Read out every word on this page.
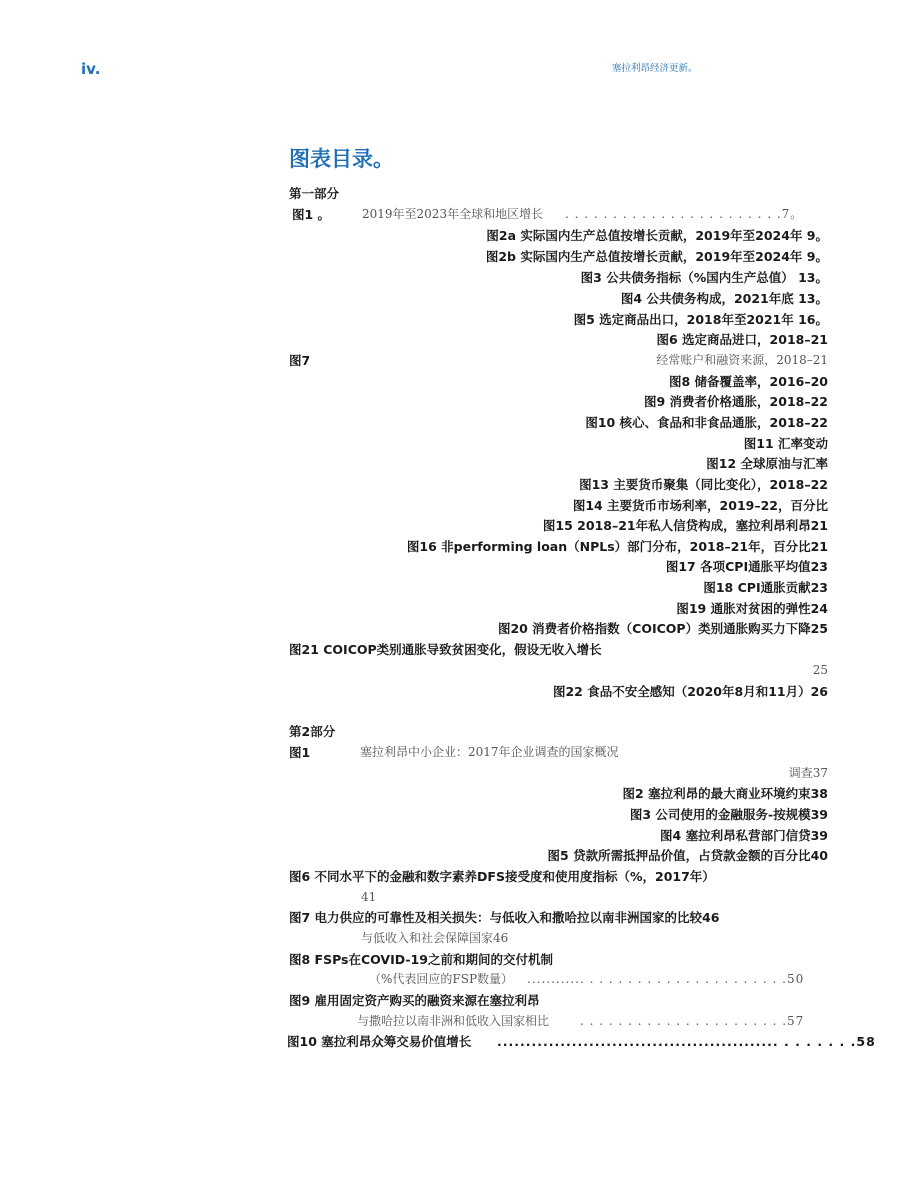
iv.	塞拉利昂经济更新。
图表目录。
第一部分
图1 。	2019年至2023年全球和地区增长 . . . . . . . . . . . . . . . . . . . . . . .7。
图2a 实际国内生产总值按增长贡献，2019年至2024年 9。
图2b 实际国内生产总值按增长贡献，2019年至2024年 9。
图3 公共债务指标（%国内生产总值） 13。
图4 公共债务构成，2021年底 13。
图5 选定商品出口，2018年至2021年 16。
图6 选定商品进口，2018–21
图7	经常账户和融资来源，2018–21
图8 储备覆盖率，2016–20
图9 消费者价格通胀，2018–22
图10 核心、食品和非食品通胀，2018–22
图11 汇率变动
图12 全球原油与汇率
图13 主要货币聚集（同比变化），2018–22
图14 主要货币市场利率，2019–22，百分比
图15 2018–21年私人信贷构成，塞拉利昂利昂21
图16 非performing loan（NPLs）部门分布，2018–21年，百分比21
图17 各项CPI通胀平均值23
图18 CPI通胀贡献23
图19 通胀对贫困的弹性24
图20 消费者价格指数（COICOP）类别通胀购买力下降25
图21 COICOP类别通胀导致贫困变化，假设无收入增长
25
图22 食品不安全感知（2020年8月和11月）26
第2部分
图1	塞拉利昂中小企业：2017年企业调查的国家概况
调查37
图2 塞拉利昂的最大商业环境约束38
图3 公司使用的金融服务-按规模39
图4 塞拉利昂私营部门信贷39
图5 贷款所需抵押品价值，占贷款金额的百分比40
图6 不同水平下的金融和数字素养DFS接受度和使用度指标（%，2017年）
41
图7 电力供应的可靠性及相关损失：与低收入和撒哈拉以南非洲国家的比较46
与低收入和社会保障国家46
图8 FSPs在COVID-19之前和期间的交付机制
（%代表回应的FSP数量） ............ . . . . . . . . . . . . . . . . . . . . .50
图9 雇用固定资产购买的融资来源在塞拉利昂
与撒哈拉以南非洲和低收入国家相比	. . . . . . . . . . . . . . . . . . . . . .57
图10 塞拉利昂众筹交易价值增长 ................................................. . . . . . . .58
